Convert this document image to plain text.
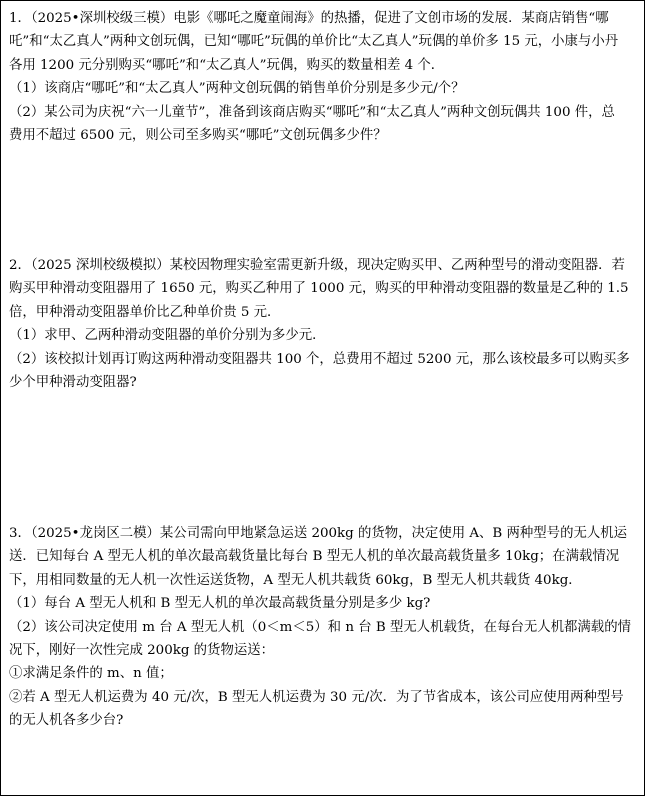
1．（2025•深圳校级三模）电影《哪吒之魔童闹海》的热播，促进了文创市场的发展．某商店销售“哪
吒”和“太乙真人”两种文创玩偶，已知“哪吒”玩偶的单价比“太乙真人”玩偶的单价多 15 元，小康与小丹
各用 1200 元分别购买“哪吒”和“太乙真人”玩偶，购买的数量相差 4 个．
（1）该商店“哪吒”和“太乙真人”两种文创玩偶的销售单价分别是多少元/个？
（2）某公司为庆祝“六一儿童节”，准备到该商店购买“哪吒”和“太乙真人”两种文创玩偶共 100 件，总
费用不超过 6500 元，则公司至多购买“哪吒”文创玩偶多少件？
2．（2025 深圳校级模拟）某校因物理实验室需更新升级，现决定购买甲、乙两种型号的滑动变阻器．若
购买甲种滑动变阻器用了 1650 元，购买乙种用了 1000 元，购买的甲种滑动变阻器的数量是乙种的 1.5
倍，甲种滑动变阻器单价比乙种单价贵 5 元．
（1）求甲、乙两种滑动变阻器的单价分别为多少元．
（2）该校拟计划再订购这两种滑动变阻器共 100 个，总费用不超过 5200 元，那么该校最多可以购买多
少个甲种滑动变阻器?
3．（2025•龙岗区二模）某公司需向甲地紧急运送 200kg 的货物，决定使用 A、B 两种型号的无人机运
送．已知每台 A 型无人机的单次最高载货量比每台 B 型无人机的单次最高载货量多 10kg；在满载情况
下，用相同数量的无人机一次性运送货物，A 型无人机共载货 60kg，B 型无人机共载货 40kg．
（1）每台 A 型无人机和 B 型无人机的单次最高载货量分别是多少 kg?
（2）该公司决定使用 m 台 A 型无人机（0＜m＜5）和 n 台 B 型无人机载货，在每台无人机都满载的情
况下，刚好一次性完成 200kg 的货物运送：
①求满足条件的 m、n 值；
②若 A 型无人机运费为 40 元/次，B 型无人机运费为 30 元/次．为了节省成本，该公司应使用两种型号
的无人机各多少台?
